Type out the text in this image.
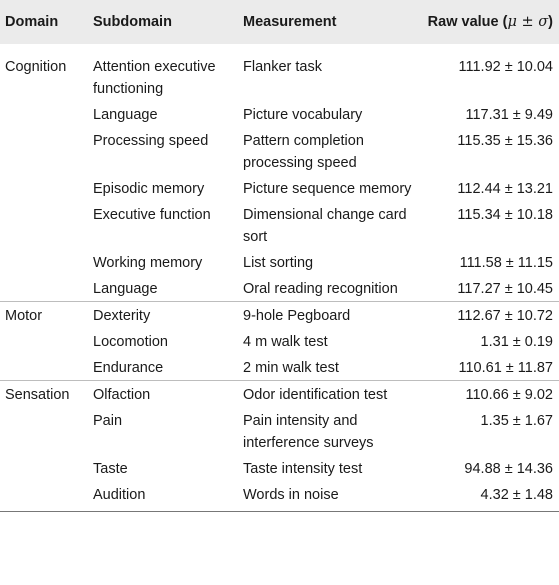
Domain	Subdomain	Measurement	Raw value (μ ± σ)
Cognition	Attention executive functioning	Flanker task	111.92 ± 10.04
	Language	Picture vocabulary	117.31 ± 9.49
	Processing speed	Pattern completion processing speed	115.35 ± 15.36
	Episodic memory	Picture sequence memory	112.44 ± 13.21
	Executive function	Dimensional change card sort	115.34 ± 10.18
	Working memory	List sorting	111.58 ± 11.15
	Language	Oral reading recognition	117.27 ± 10.45
Motor	Dexterity	9-hole Pegboard	112.67 ± 10.72
	Locomotion	4 m walk test	1.31 ± 0.19
	Endurance	2 min walk test	110.61 ± 11.87
Sensation	Olfaction	Odor identification test	110.66 ± 9.02
	Pain	Pain intensity and interference surveys	1.35 ± 1.67
	Taste	Taste intensity test	94.88 ± 14.36
	Audition	Words in noise	4.32 ± 1.48
